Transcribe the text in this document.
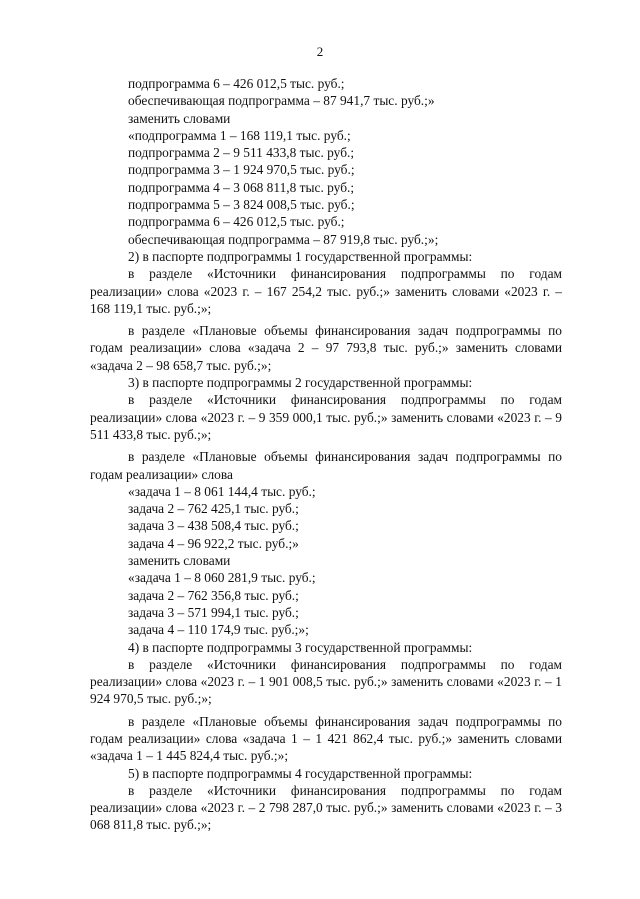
2

подпрограмма 6 – 426 012,5 тыс. руб.;

обеспечивающая подпрограмма – 87 941,7 тыс. руб.;»

заменить словами

«подпрограмма 1 – 168 119,1 тыс. руб.;

подпрограмма 2 – 9 511 433,8 тыс. руб.;

подпрограмма 3 – 1 924 970,5 тыс. руб.;

подпрограмма 4 – 3 068 811,8 тыс. руб.;

подпрограмма 5 – 3 824 008,5 тыс. руб.;

подпрограмма 6 – 426 012,5 тыс. руб.;

обеспечивающая подпрограмма – 87 919,8 тыс. руб.;»;

2) в паспорте подпрограммы 1 государственной программы:

в разделе «Источники финансирования подпрограммы по годам реализации» слова «2023 г. – 167 254,2 тыс. руб.;» заменить словами «2023 г. – 168 119,1 тыс. руб.;»;

в разделе «Плановые объемы финансирования задач подпрограммы по годам реализации» слова «задача 2 – 97 793,8 тыс. руб.;» заменить словами «задача 2 – 98 658,7 тыс. руб.;»;

3) в паспорте подпрограммы 2 государственной программы:

в разделе «Источники финансирования подпрограммы по годам реализации» слова «2023 г. – 9 359 000,1 тыс. руб.;» заменить словами «2023 г. – 9 511 433,8 тыс. руб.;»;

в разделе «Плановые объемы финансирования задач подпрограммы по годам реализации» слова

«задача 1 – 8 061 144,4 тыс. руб.;

задача 2 – 762 425,1 тыс. руб.;

задача 3 – 438 508,4 тыс. руб.;

задача 4 – 96 922,2 тыс. руб.;»

заменить словами

«задача 1 – 8 060 281,9 тыс. руб.;

задача 2 – 762 356,8 тыс. руб.;

задача 3 – 571 994,1 тыс. руб.;

задача 4 – 110 174,9 тыс. руб.;»;

4) в паспорте подпрограммы 3 государственной программы:

в разделе «Источники финансирования подпрограммы по годам реализации» слова «2023 г. – 1 901 008,5 тыс. руб.;» заменить словами «2023 г. – 1 924 970,5 тыс. руб.;»;

в разделе «Плановые объемы финансирования задач подпрограммы по годам реализации» слова «задача 1 – 1 421 862,4 тыс. руб.;» заменить словами «задача 1 – 1 445 824,4 тыс. руб.;»;

5) в паспорте подпрограммы 4 государственной программы:

в разделе «Источники финансирования подпрограммы по годам реализации» слова «2023 г. – 2 798 287,0 тыс. руб.;» заменить словами «2023 г. – 3 068 811,8 тыс. руб.;»;
